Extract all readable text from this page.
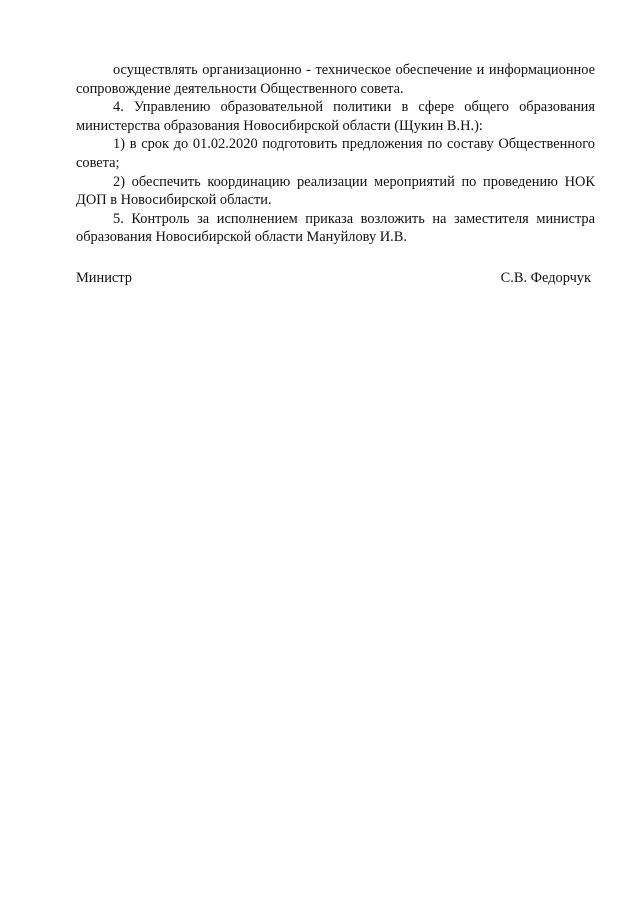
осуществлять организационно - техническое обеспечение и информационное сопровождение деятельности Общественного совета.

4. Управлению образовательной политики в сфере общего образования министерства образования Новосибирской области (Щукин В.Н.):

1) в срок до 01.02.2020 подготовить предложения по составу Общественного совета;

2) обеспечить координацию реализации мероприятий по проведению НОК ДОП в Новосибирской области.

5. Контроль за исполнением приказа возложить на заместителя министра образования Новосибирской области Мануйлову И.В.

Министр	С.В. Федорчук
